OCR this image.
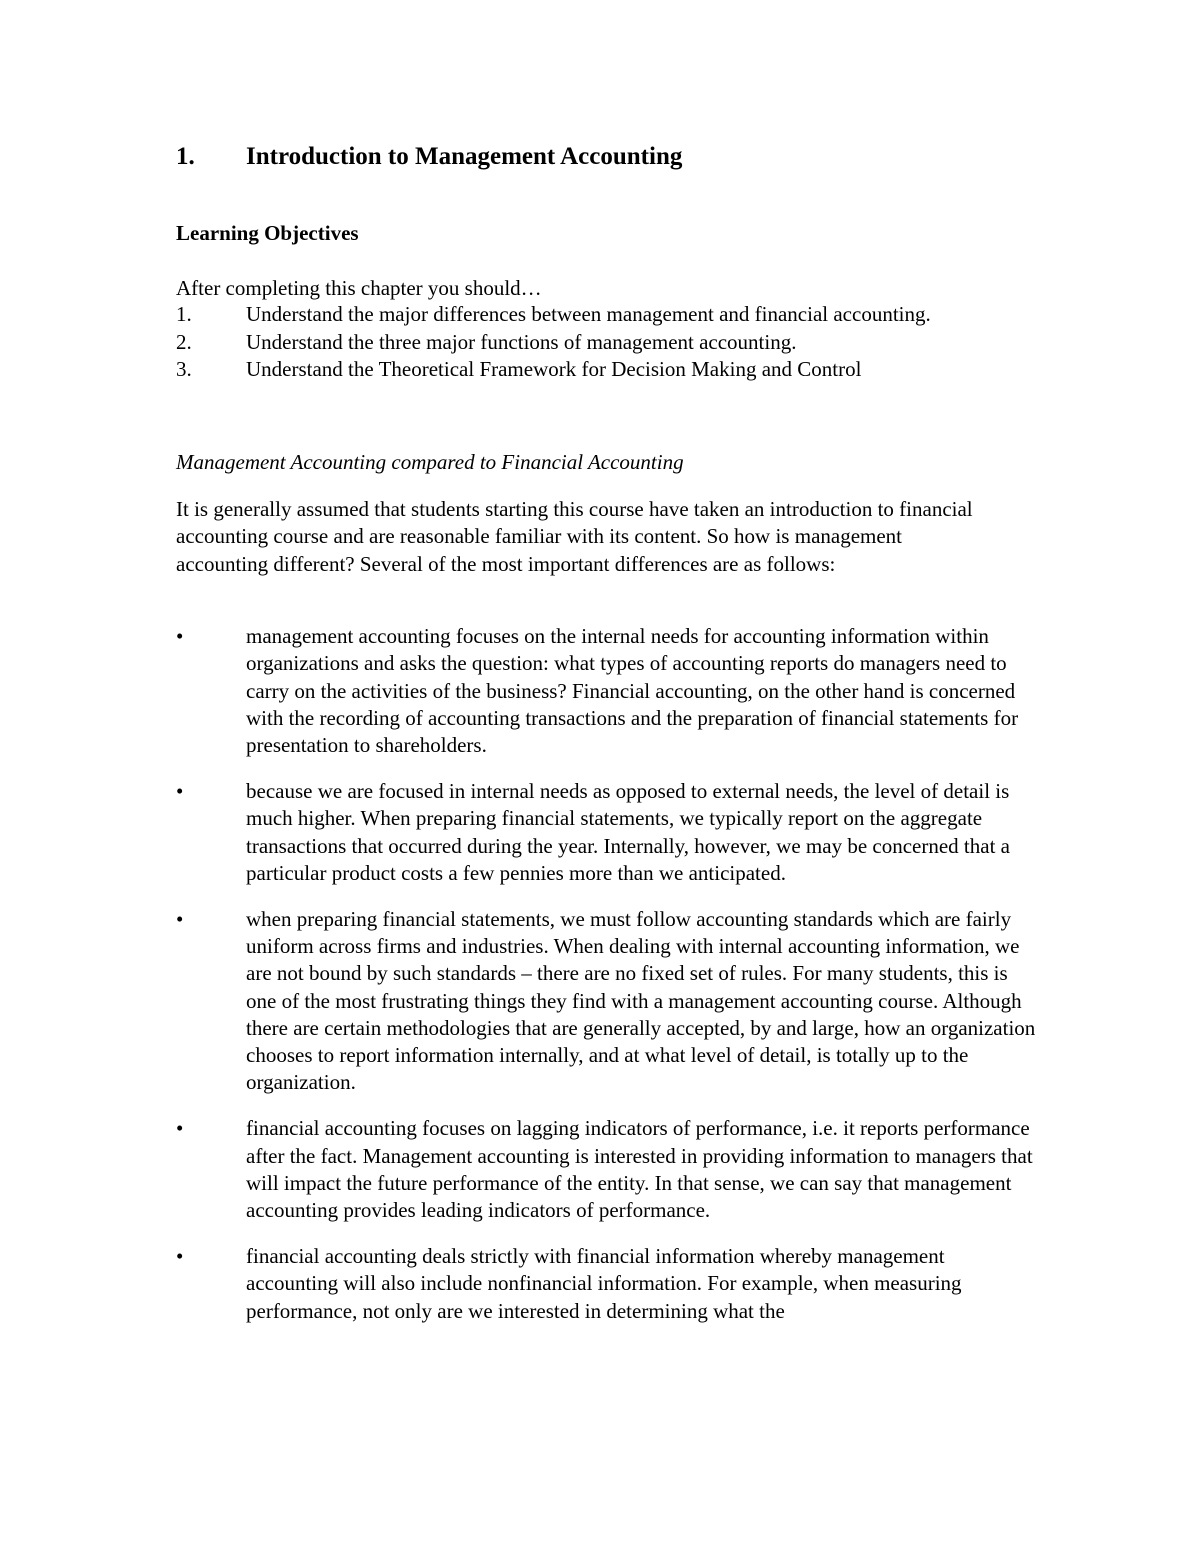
1. Introduction to Management Accounting
Learning Objectives
After completing this chapter you should…
1.	Understand the major differences between management and financial accounting.
2.	Understand the three major functions of management accounting.
3.	Understand the Theoretical Framework for Decision Making and Control
Management Accounting compared to Financial Accounting

It is generally assumed that students starting this course have taken an introduction to financial accounting course and are reasonable familiar with its content. So how is management accounting different? Several of the most important differences are as follows:

•	management accounting focuses on the internal needs for accounting information within organizations and asks the question: what types of accounting reports do managers need to carry on the activities of the business? Financial accounting, on the other hand is concerned with the recording of accounting transactions and the preparation of financial statements for presentation to shareholders.
•	because we are focused in internal needs as opposed to external needs, the level of detail is much higher. When preparing financial statements, we typically report on the aggregate transactions that occurred during the year. Internally, however, we may be concerned that a particular product costs a few pennies more than we anticipated.
•	when preparing financial statements, we must follow accounting standards which are fairly uniform across firms and industries. When dealing with internal accounting information, we are not bound by such standards – there are no fixed set of rules. For many students, this is one of the most frustrating things they find with a management accounting course. Although there are certain methodologies that are generally accepted, by and large, how an organization chooses to report information internally, and at what level of detail, is totally up to the organization.
•	financial accounting focuses on lagging indicators of performance, i.e. it reports performance after the fact. Management accounting is interested in providing information to managers that will impact the future performance of the entity. In that sense, we can say that management accounting provides leading indicators of performance.
•	financial accounting deals strictly with financial information whereby management accounting will also include nonfinancial information. For example, when measuring performance, not only are we interested in determining what the
